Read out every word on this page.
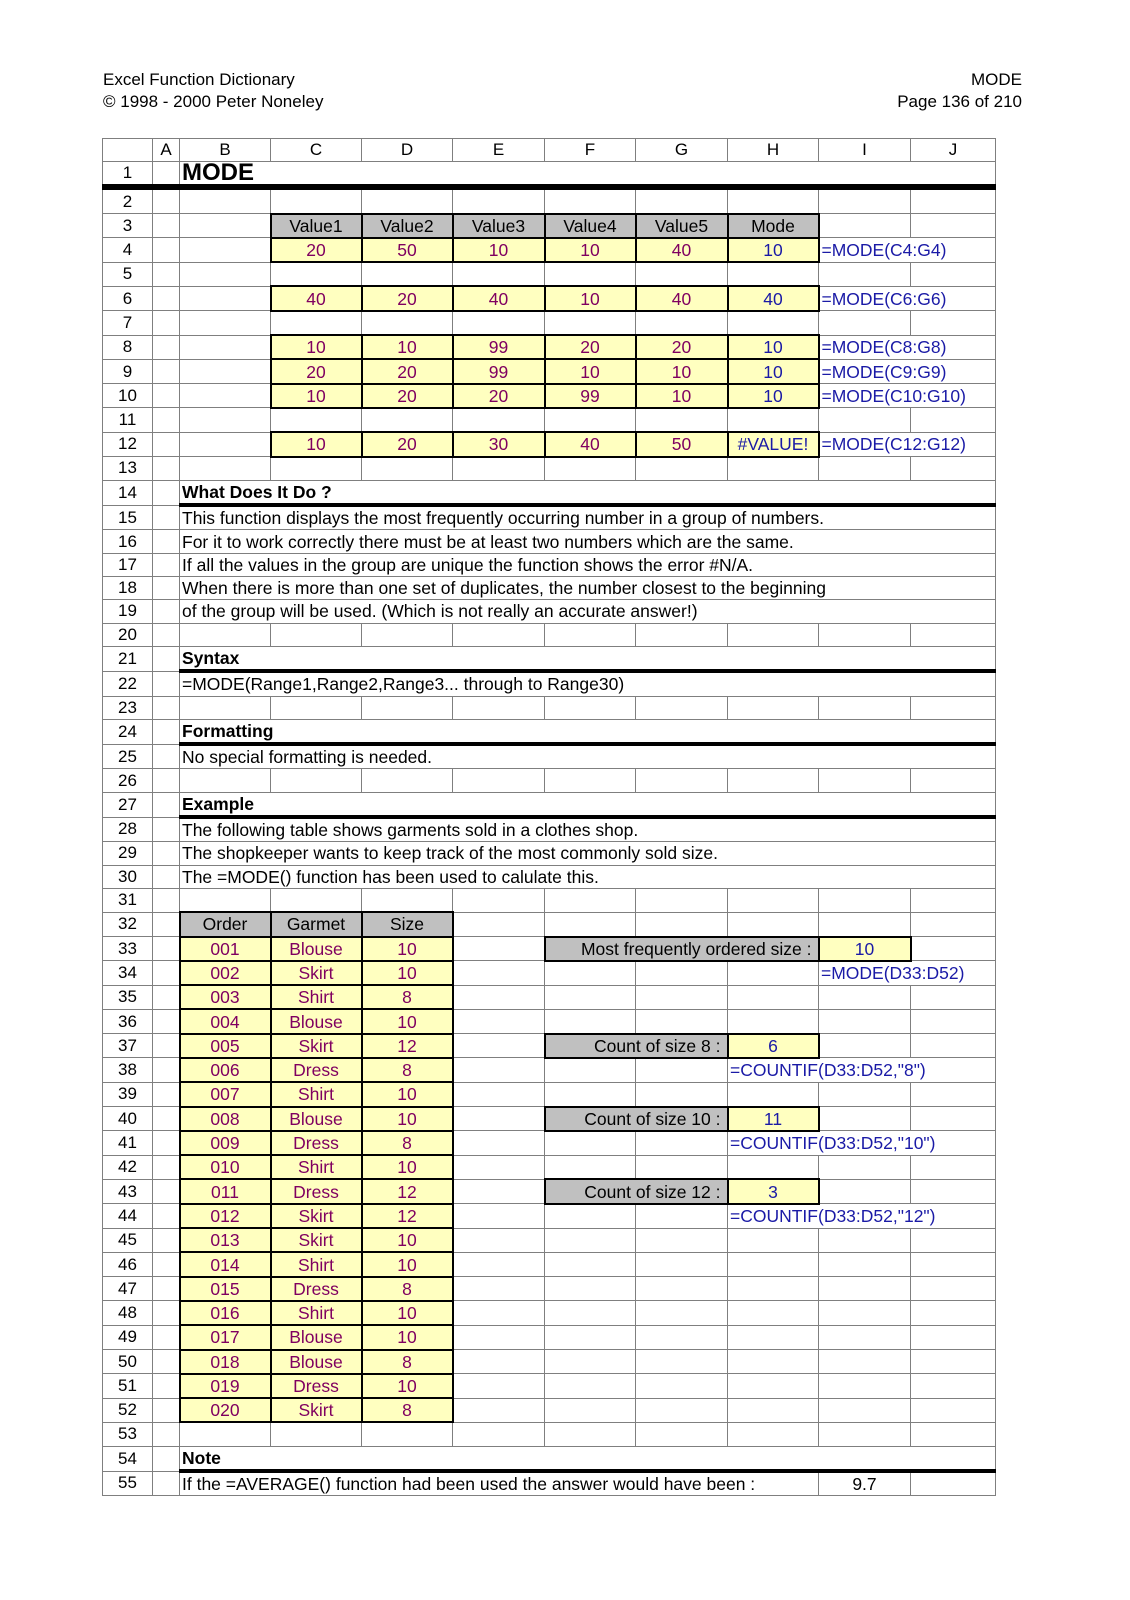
Excel Function Dictionary
© 1998 - 2000 Peter Noneley
MODE
Page 136 of 210
	A	B	C	D	E	F	G	H	I	J
1		MODE								
2										
3			Value1	Value2	Value3	Value4	Value5	Mode		
4			20	50	10	10	40	10	=MODE(C4:G4)	
5										
6			40	20	40	10	40	40	=MODE(C6:G6)	
7										
8			10	10	99	20	20	10	=MODE(C8:G8)	
9			20	20	99	10	10	10	=MODE(C9:G9)	
10			10	20	20	99	10	10	=MODE(C10:G10)	
11										
12			10	20	30	40	50	#VALUE!	=MODE(C12:G12)	
13										
14		What Does It Do ?								
15		This function displays the most frequently occurring number in a group of numbers.								
16		For it to work correctly there must be at least two numbers which are the same.								
17		If all the values in the group are unique the function shows the error #N/A.								
18		When there is more than one set of duplicates, the number closest to the beginning								
19		of the group will be used. (Which is not really an accurate answer!)								
20										
21		Syntax								
22		=MODE(Range1,Range2,Range3... through to Range30)								
23										
24		Formatting								
25		No special formatting is needed.								
26										
27		Example								
28		The following table shows garments sold in a clothes shop.								
29		The shopkeeper wants to keep track of the most commonly sold size.								
30		The =MODE() function has been used to calulate this.								
31										
32		Order	Garmet	Size						
33		001	Blouse	10		Most frequently ordered size :			10	
34		002	Skirt	10					=MODE(D33:D52)	
35		003	Shirt	8						
36		004	Blouse	10						
37		005	Skirt	12		Count of size 8 :		6		
38		006	Dress	8				=COUNTIF(D33:D52,"8")		
39		007	Shirt	10						
40		008	Blouse	10		Count of size 10 :		11		
41		009	Dress	8				=COUNTIF(D33:D52,"10")		
42		010	Shirt	10						
43		011	Dress	12		Count of size 12 :		3		
44		012	Skirt	12				=COUNTIF(D33:D52,"12")		
45		013	Skirt	10						
46		014	Shirt	10						
47		015	Dress	8						
48		016	Shirt	10						
49		017	Blouse	10						
50		018	Blouse	8						
51		019	Dress	10						
52		020	Skirt	8						
53										
54		Note								
55		If the =AVERAGE() function had been used the answer would have been :							9.7	
